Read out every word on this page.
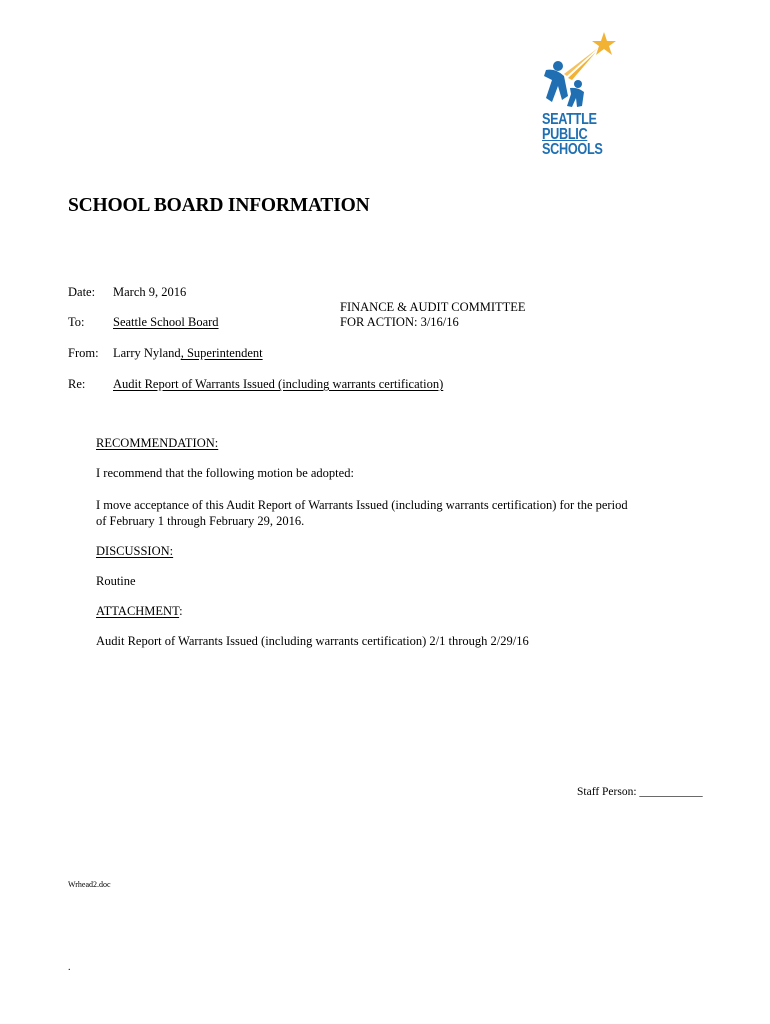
SEATTLE
PUBLIC
SCHOOLS
SCHOOL BOARD INFORMATION
Date: March 9, 2016
FINANCE & AUDIT COMMITTEE
FOR ACTION: 3/16/16
To: Seattle School Board
From: Larry Nyland, Superintendent
Re: Audit Report of Warrants Issued (including warrants certification)
RECOMMENDATION:
I recommend that the following motion be adopted:
I move acceptance of this Audit Report of Warrants Issued (including warrants certification) for the period of February 1 through February 29, 2016.
DISCUSSION:
Routine
ATTACHMENT:
Audit Report of Warrants Issued (including warrants certification) 2/1 through 2/29/16
Staff Person: ___________
Wrhead2.doc
.
